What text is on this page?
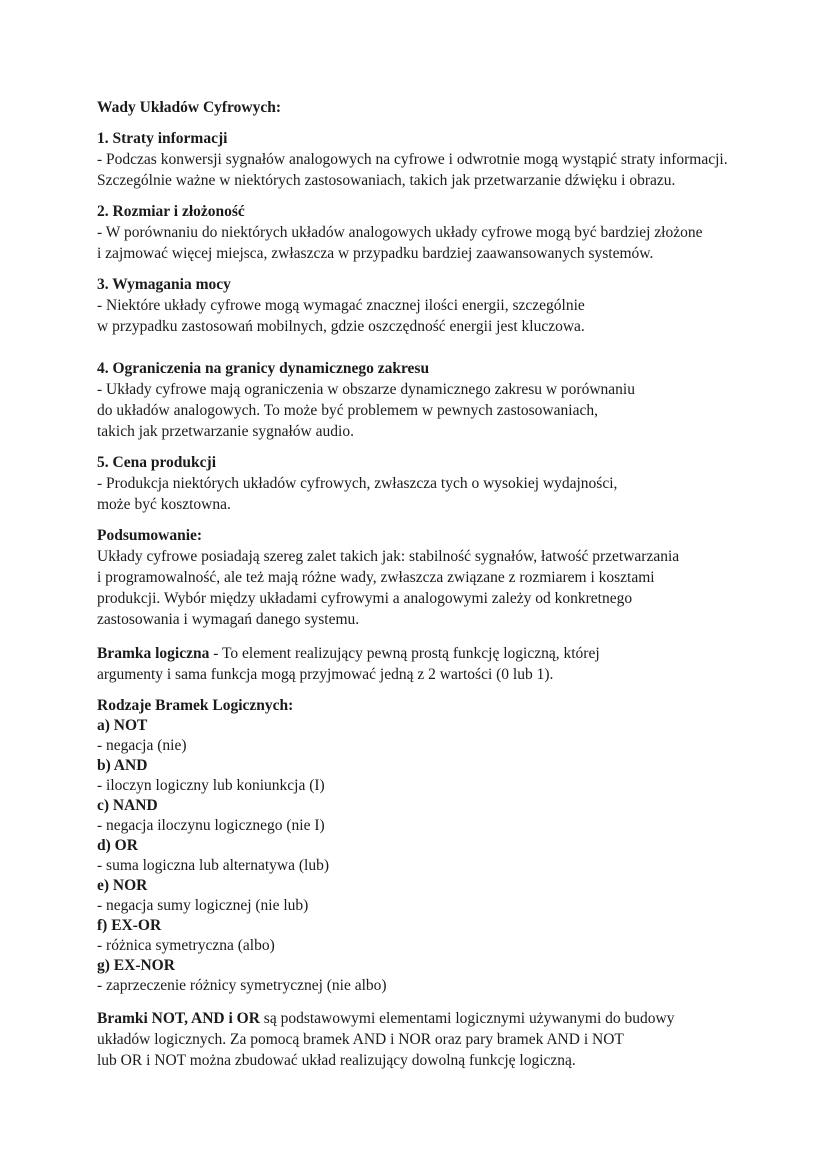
Wady Układów Cyfrowych:
1. Straty informacji
- Podczas konwersji sygnałów analogowych na cyfrowe i odwrotnie mogą wystąpić straty informacji.
Szczególnie ważne w niektórych zastosowaniach, takich jak przetwarzanie dźwięku i obrazu.
2. Rozmiar i złożoność
- W porównaniu do niektórych układów analogowych układy cyfrowe mogą być bardziej złożone
i zajmować więcej miejsca, zwłaszcza w przypadku bardziej zaawansowanych systemów.
3. Wymagania mocy
- Niektóre układy cyfrowe mogą wymagać znacznej ilości energii, szczególnie
w przypadku zastosowań mobilnych, gdzie oszczędność energii jest kluczowa.
4. Ograniczenia na granicy dynamicznego zakresu
- Układy cyfrowe mają ograniczenia w obszarze dynamicznego zakresu w porównaniu
do układów analogowych. To może być problemem w pewnych zastosowaniach,
takich jak przetwarzanie sygnałów audio.
5. Cena produkcji
- Produkcja niektórych układów cyfrowych, zwłaszcza tych o wysokiej wydajności,
może być kosztowna.
Podsumowanie:
Układy cyfrowe posiadają szereg zalet takich jak: stabilność sygnałów, łatwość przetwarzania
i programowalność, ale też mają różne wady, zwłaszcza związane z rozmiarem i kosztami
produkcji. Wybór między układami cyfrowymi a analogowymi zależy od konkretnego
zastosowania i wymagań danego systemu.
Bramka logiczna - To element realizujący pewną prostą funkcję logiczną, której
argumenty i sama funkcja mogą przyjmować jedną z 2 wartości (0 lub 1).
Rodzaje Bramek Logicznych:
a) NOT
- negacja (nie)
b) AND
- iloczyn logiczny lub koniunkcja (I)
c) NAND
- negacja iloczynu logicznego (nie I)
d) OR
- suma logiczna lub alternatywa (lub)
e) NOR
- negacja sumy logicznej (nie lub)
f) EX-OR
- różnica symetryczna (albo)
g) EX-NOR
- zaprzeczenie różnicy symetrycznej (nie albo)
Bramki NOT, AND i OR są podstawowymi elementami logicznymi używanymi do budowy
układów logicznych. Za pomocą bramek AND i NOR oraz pary bramek AND i NOT
lub OR i NOT można zbudować układ realizujący dowolną funkcję logiczną.
